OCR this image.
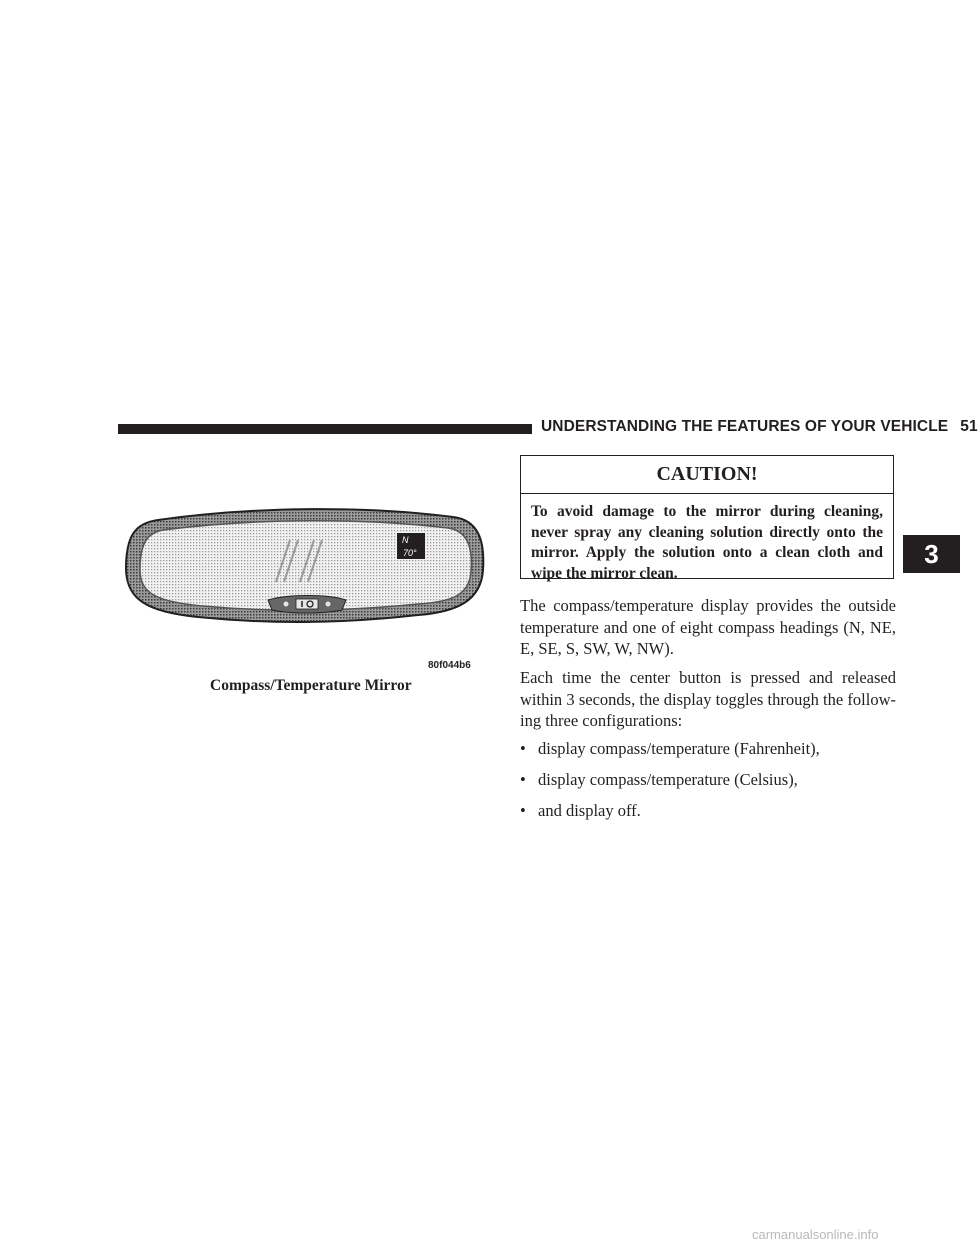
UNDERSTANDING THE FEATURES OF YOUR VEHICLE 51
3
N
70°
80f044b6
Compass/Temperature Mirror
CAUTION!
To avoid damage to the mirror during cleaning, never spray any cleaning solution directly onto the mirror. Apply the solution onto a clean cloth and wipe the mirror clean.
The compass/temperature display provides the outside temperature and one of eight compass headings (N, NE, E, SE, S, SW, W, NW).
Each time the center button is pressed and released within 3 seconds, the display toggles through the follow-ing three configurations:
• display compass/temperature (Fahrenheit),
• display compass/temperature (Celsius),
• and display off.
carmanualsonline.info
